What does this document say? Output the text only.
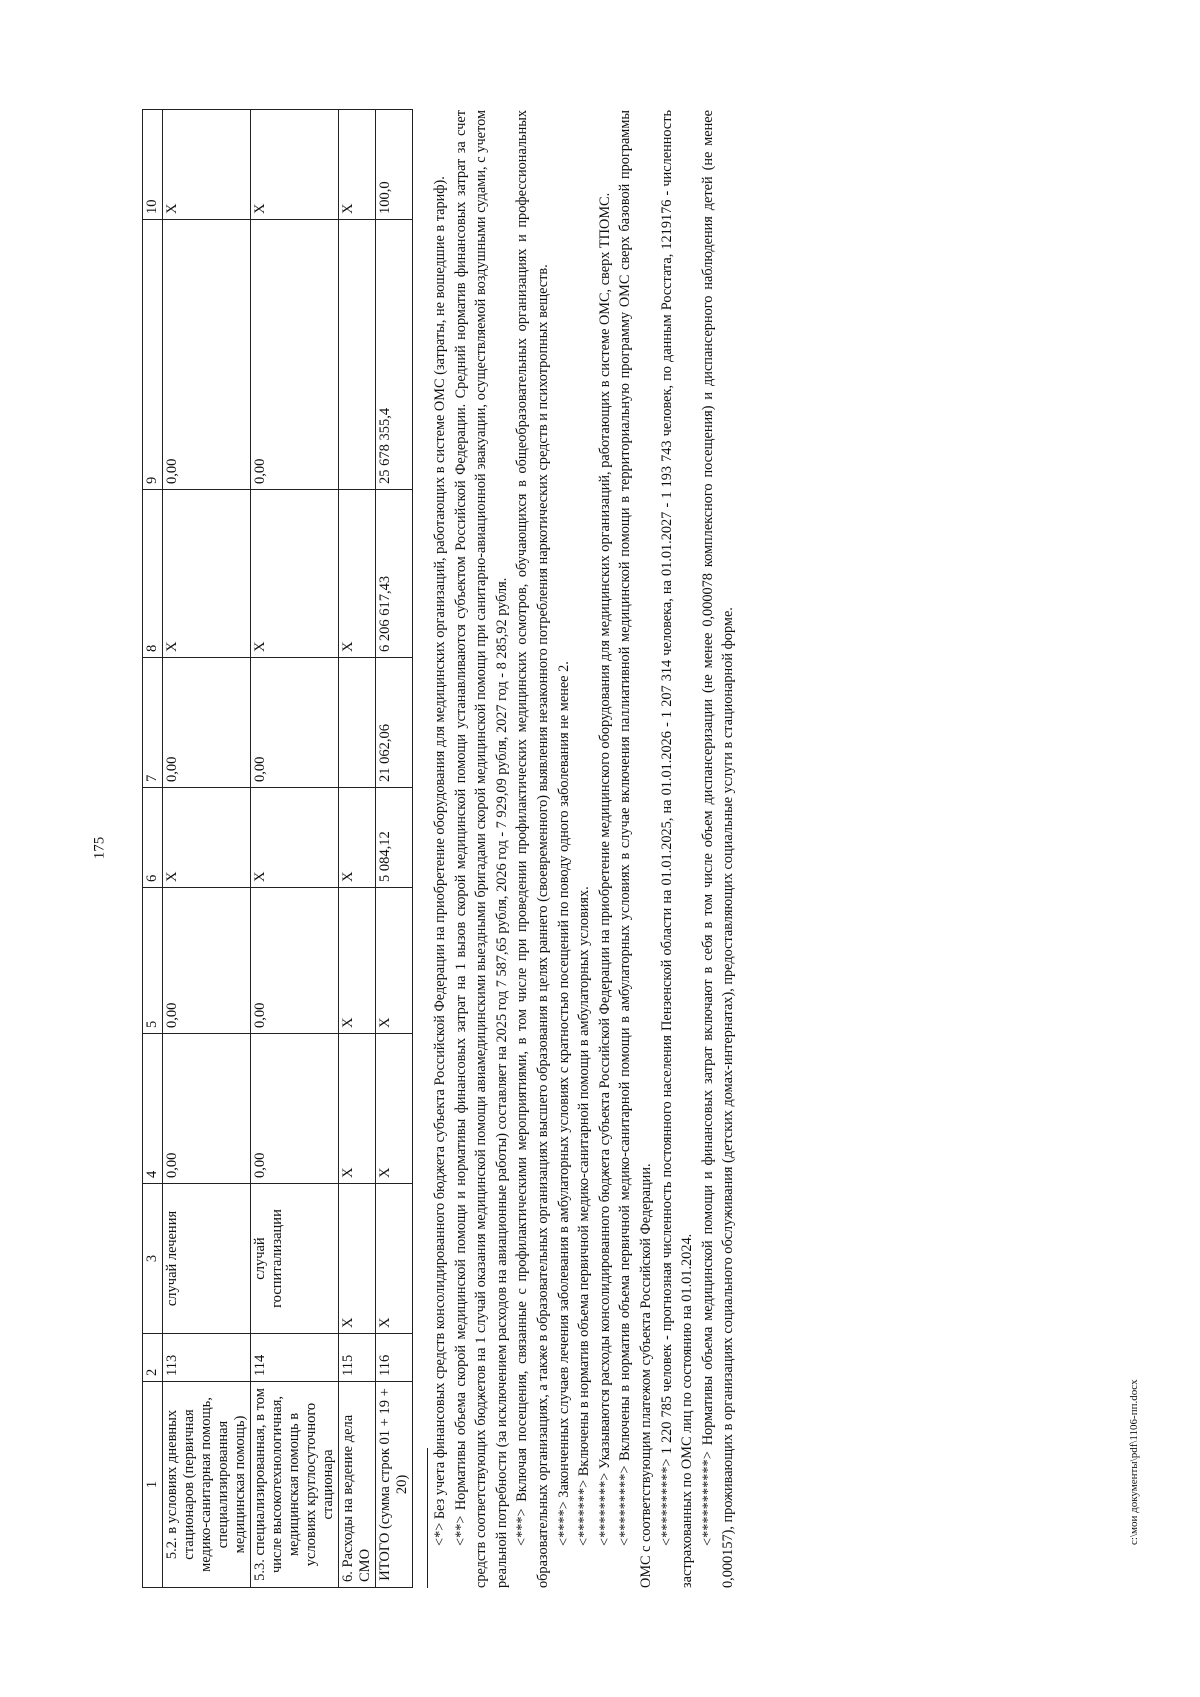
175
1	2	3	4	5	6	7	8	9	10
5.2. в условиях дневных стационаров (первичная медико-санитарная помощь, специализированная медицинская помощь)	113	случай лечения	0,00	0,00	Х	0,00	Х	0,00	Х
5.3. специализированная, в том числе высокотехнологичная, медицинская помощь в условиях круглосуточного стационара	114	случай госпитализации	0,00	0,00	Х	0,00	Х	0,00	Х
6. Расходы на ведение дела СМО	115	Х	Х	Х	Х		Х		Х
ИТОГО (сумма строк 01 + 19 + 20)	116	Х	Х	Х	5 084,12	21 062,06	6 206 617,43	25 678 355,4	100,0	<*> Без учета финансовых средств консолидированного бюджета субъекта Российской Федерации на приобретение оборудования для медицинских организаций, работающих в системе ОМС (затраты, не вошедшие в тариф). <**> Нормативы объема скорой медицинской помощи и нормативы финансовых затрат на 1 вызов скорой медицинской помощи устанавливаются субъектом Российской Федерации. Средний норматив финансовых затрат за счет средств соответствующих бюджетов на 1 случай оказания медицинской помощи авиамедицинскими выездными бригадами скорой медицинской помощи при санитарно-авиационной эвакуации, осуществляемой воздушными судами, с учетом реальной потребности (за исключением расходов на авиационные работы) составляет на 2025 год 7 587,65 рубля, 2026 год - 7 929,09 рубля, 2027 год - 8 285,92 рубля. <***> Включая посещения, связанные с профилактическими мероприятиями, в том числе при проведении профилактических медицинских осмотров, обучающихся в общеобразовательных организациях и профессиональных образовательных организациях, а также в образовательных организациях высшего образования в целях раннего (своевременного) выявления незаконного потребления наркотических средств и психотропных веществ. <****> Законченных случаев лечения заболевания в амбулаторных условиях с кратностью посещений по поводу одного заболевания не менее 2. <*******> Включены в норматив объема первичной медико-санитарной помощи в амбулаторных условиях. <********> Указываются расходы консолидированного бюджета субъекта Российской Федерации на приобретение медицинского оборудования для медицинских организаций, работающих в системе ОМС, сверх ТПОМС. <*********> Включены в норматив объема первичной медико-санитарной помощи в амбулаторных условиях в случае включения паллиативной медицинской помощи в территориальную программу ОМС сверх базовой программы ОМС с соответствующим платежом субъекта Российской Федерации. <**********> 1 220 785 человек - прогнозная численность постоянного населения Пензенской области на 01.01.2025, на 01.01.2026 - 1 207 314 человека, на 01.01.2027 - 1 193 743 человек, по данным Росстата, 1219176 - численность застрахованных по ОМС лиц по состоянию на 01.01.2024. <***********> Нормативы объема медицинской помощи и финансовых затрат включают в себя в том числе объем диспансеризации (не менее 0,000078 комплексного посещения) и диспансерного наблюдения детей (не менее 0,000157), проживающих в организациях социального обслуживания (детских домах-интернатах), предоставляющих социальные услуги в стационарной форме.	c:\мои документы\pdf\1106-пп.docx
